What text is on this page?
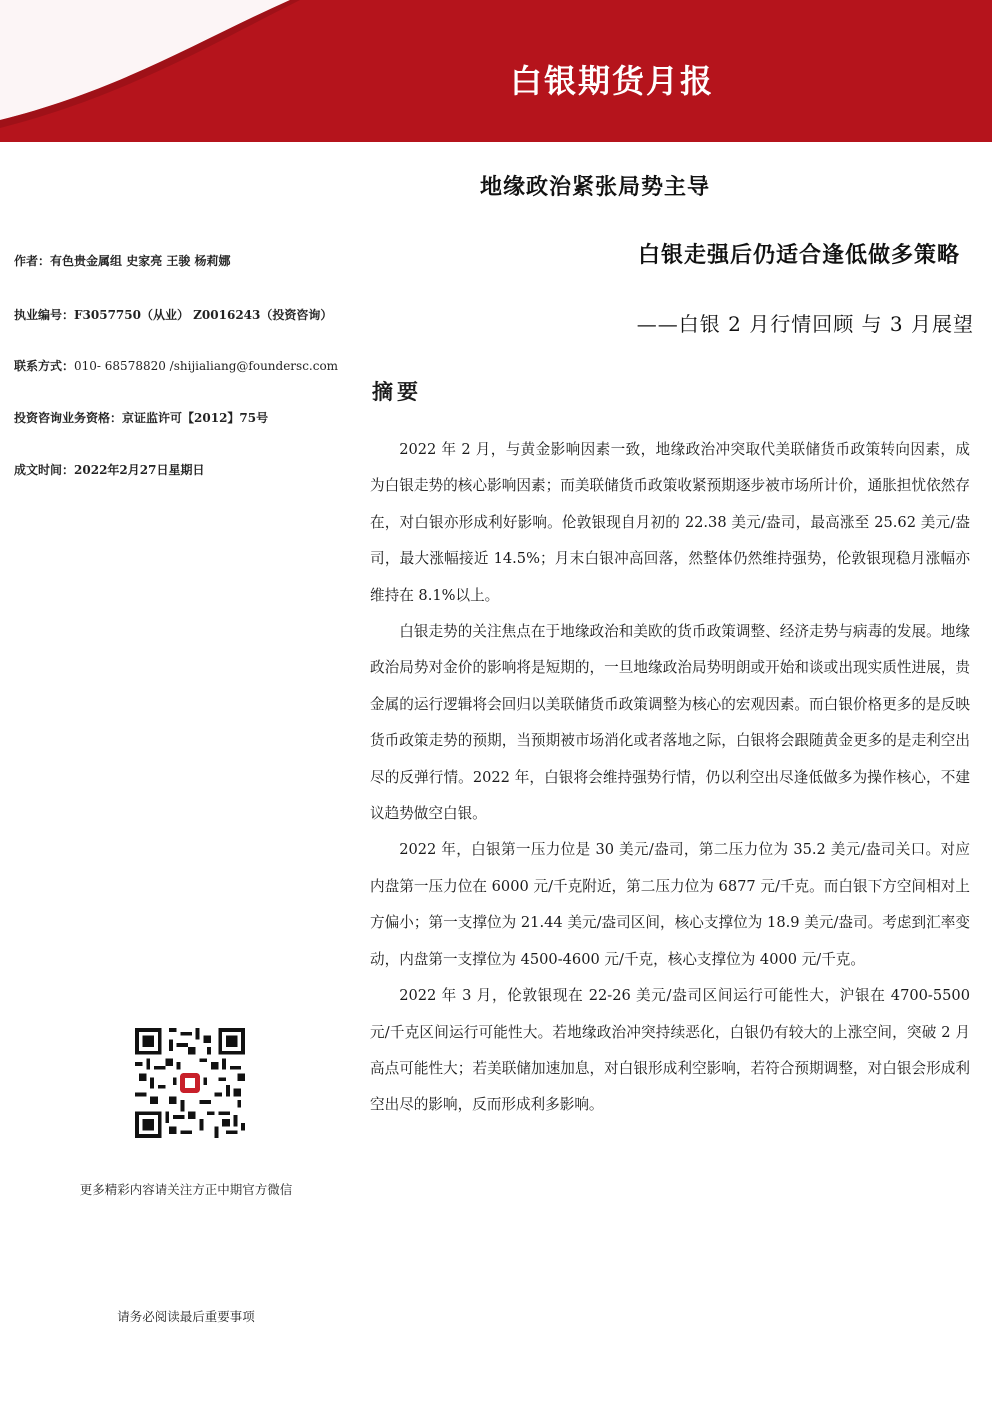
白银期货月报
地缘政治紧张局势主导
白银走强后仍适合逢低做多策略
——白银 2 月行情回顾 与 3 月展望
作者：有色贵金属组 史家亮 王骏 杨莉娜
执业编号：F3057750（从业） Z0016243（投资咨询）
联系方式：010- 68578820 /shijialiang@foundersc.com
投资咨询业务资格：京证监许可【2012】75号
成文时间：2022年2月27日星期日
摘要

2022 年 2 月，与黄金影响因素一致，地缘政治冲突取代美联储货币政策转向因素，成为白银走势的核心影响因素；而美联储货币政策收紧预期逐步被市场所计价，通胀担忧依然存在，对白银亦形成利好影响。伦敦银现自月初的 22.38 美元/盎司，最高涨至 25.62 美元/盎司，最大涨幅接近 14.5%；月末白银冲高回落，然整体仍然维持强势，伦敦银现稳月涨幅亦维持在 8.1%以上。

白银走势的关注焦点在于地缘政治和美欧的货币政策调整、经济走势与病毒的发展。地缘政治局势对金价的影响将是短期的，一旦地缘政治局势明朗或开始和谈或出现实质性进展，贵金属的运行逻辑将会回归以美联储货币政策调整为核心的宏观因素。而白银价格更多的是反映货币政策走势的预期，当预期被市场消化或者落地之际，白银将会跟随黄金更多的是走利空出尽的反弹行情。2022 年，白银将会维持强势行情，仍以利空出尽逢低做多为操作核心，不建议趋势做空白银。

2022 年，白银第一压力位是 30 美元/盎司，第二压力位为 35.2 美元/盎司关口。对应内盘第一压力位在 6000 元/千克附近，第二压力位为 6877 元/千克。而白银下方空间相对上方偏小；第一支撑位为 21.44 美元/盎司区间，核心支撑位为 18.9 美元/盎司。考虑到汇率变动，内盘第一支撑位为 4500-4600 元/千克，核心支撑位为 4000 元/千克。

2022 年 3 月，伦敦银现在 22-26 美元/盎司区间运行可能性大，沪银在 4700-5500 元/千克区间运行可能性大。若地缘政治冲突持续恶化，白银仍有较大的上涨空间，突破 2 月高点可能性大；若美联储加速加息，对白银形成利空影响，若符合预期调整，对白银会形成利空出尽的影响，反而形成利多影响。

更多精彩内容请关注方正中期官方微信
请务必阅读最后重要事项
